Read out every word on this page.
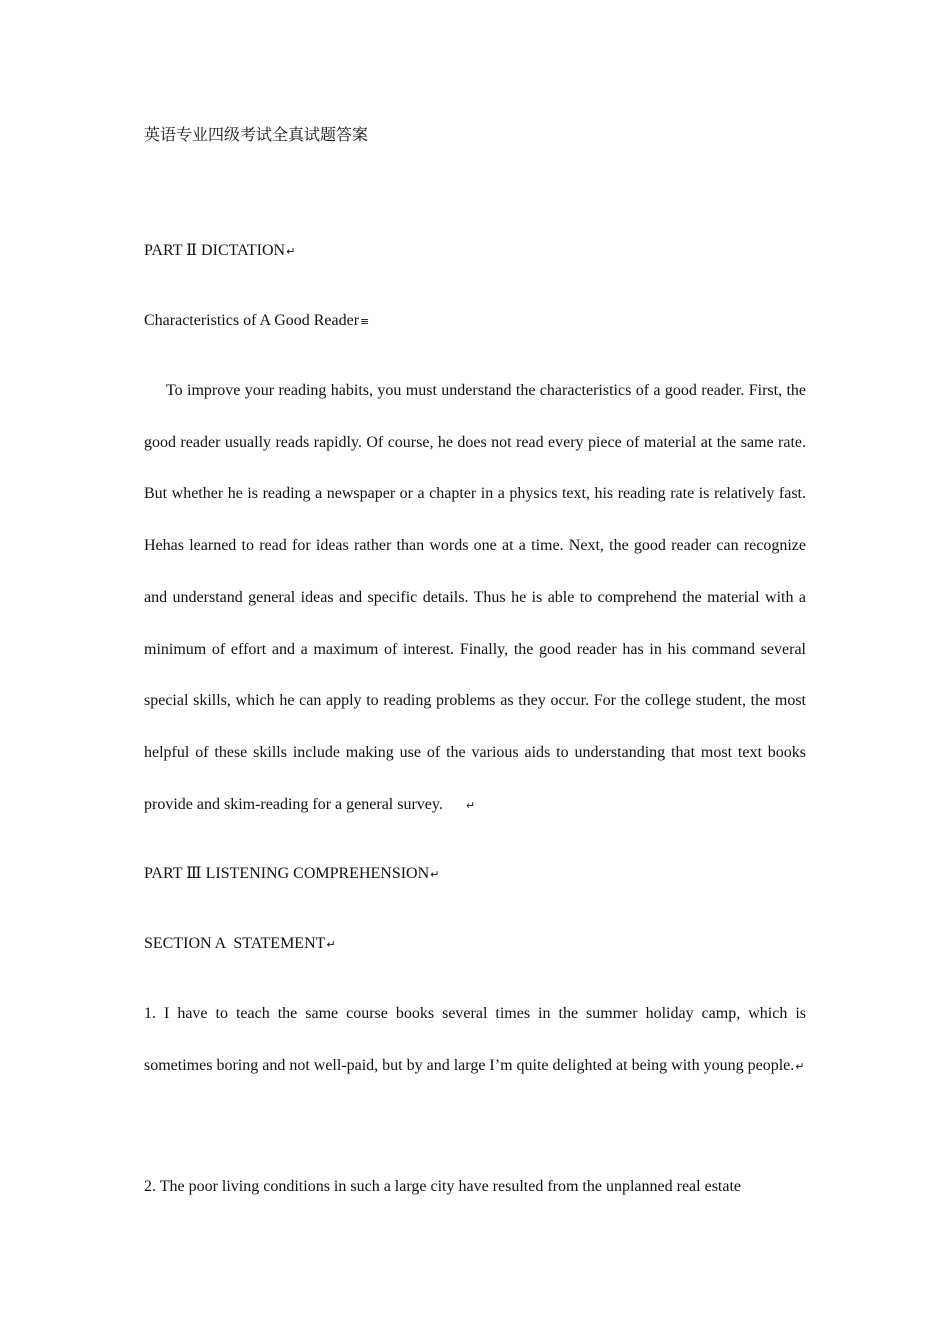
英语专业四级考试全真试题答案
PART Ⅱ DICTATION↵
Characteristics of A Good Reader≡
To improve your reading habits, you must understand the characteristics of a good reader. First, the good reader usually reads rapidly. Of course, he does not read every piece of material at the same rate. But whether he is reading a newspaper or a chapter in a physics text, his reading rate is relatively fast. Hehas learned to read for ideas rather than words one at a time. Next, the good reader can recognize and understand general ideas and specific details. Thus he is able to comprehend the material with a minimum of effort and a maximum of interest. Finally, the good reader has in his command several special skills, which he can apply to reading problems as they occur. For the college student, the most helpful of these skills include making use of the various aids to understanding that most text books provide and skim-reading for a general survey. ↵
PART Ⅲ LISTENING COMPREHENSION↵
SECTION A  STATEMENT↵
1. I have to teach the same course books several times in the summer holiday camp, which is sometimes boring and not well-paid, but by and large I’m quite delighted at being with young people.↵
2. The poor living conditions in such a large city have resulted from the unplanned real estate
